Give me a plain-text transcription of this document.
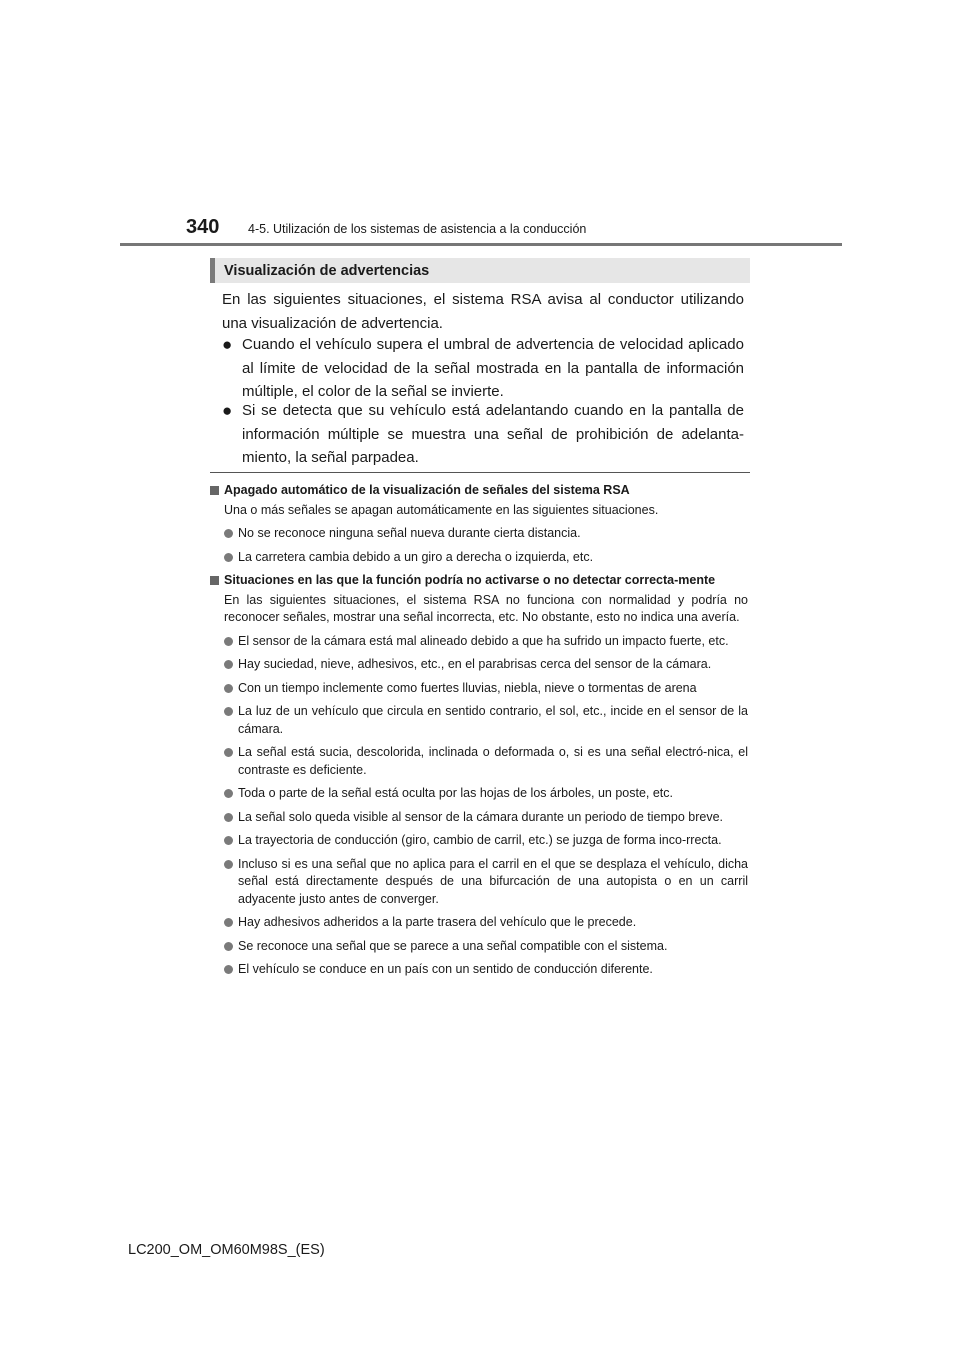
340 4-5. Utilización de los sistemas de asistencia a la conducción
Visualización de advertencias
En las siguientes situaciones, el sistema RSA avisa al conductor utilizando una visualización de advertencia.
● Cuando el vehículo supera el umbral de advertencia de velocidad aplicado al límite de velocidad de la señal mostrada en la pantalla de información múltiple, el color de la señal se invierte.
● Si se detecta que su vehículo está adelantando cuando en la pantalla de información múltiple se muestra una señal de prohibición de adelanta-miento, la señal parpadea.
Apagado automático de la visualización de señales del sistema RSA
Una o más señales se apagan automáticamente en las siguientes situaciones.
No se reconoce ninguna señal nueva durante cierta distancia.
La carretera cambia debido a un giro a derecha o izquierda, etc.
Situaciones en las que la función podría no activarse o no detectar correcta-mente
En las siguientes situaciones, el sistema RSA no funciona con normalidad y podría no reconocer señales, mostrar una señal incorrecta, etc. No obstante, esto no indica una avería.
El sensor de la cámara está mal alineado debido a que ha sufrido un impacto fuerte, etc.
Hay suciedad, nieve, adhesivos, etc., en el parabrisas cerca del sensor de la cámara.
Con un tiempo inclemente como fuertes lluvias, niebla, nieve o tormentas de arena
La luz de un vehículo que circula en sentido contrario, el sol, etc., incide en el sensor de la cámara.
La señal está sucia, descolorida, inclinada o deformada o, si es una señal electró-nica, el contraste es deficiente.
Toda o parte de la señal está oculta por las hojas de los árboles, un poste, etc.
La señal solo queda visible al sensor de la cámara durante un periodo de tiempo breve.
La trayectoria de conducción (giro, cambio de carril, etc.) se juzga de forma inco-rrecta.
Incluso si es una señal que no aplica para el carril en el que se desplaza el vehículo, dicha señal está directamente después de una bifurcación de una autopista o en un carril adyacente justo antes de converger.
Hay adhesivos adheridos a la parte trasera del vehículo que le precede.
Se reconoce una señal que se parece a una señal compatible con el sistema.
El vehículo se conduce en un país con un sentido de conducción diferente.
LC200_OM_OM60M98S_(ES)
